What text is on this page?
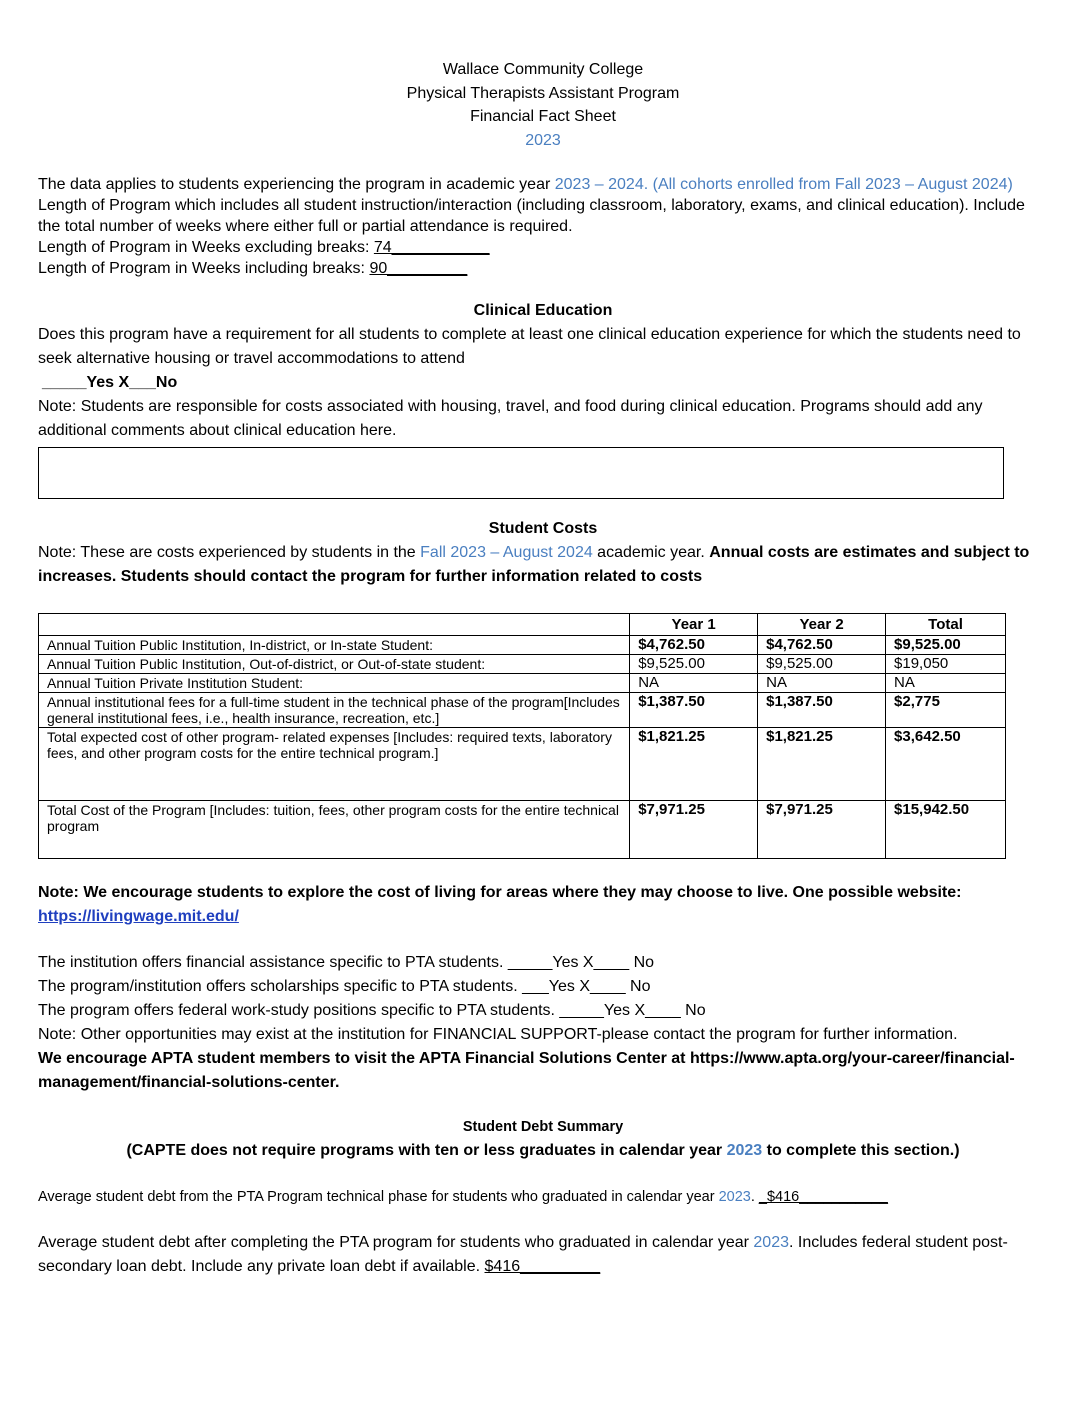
Wallace Community College
Physical Therapists Assistant Program
Financial Fact Sheet
2023

The data applies to students experiencing the program in academic year 2023 – 2024. (All cohorts enrolled from Fall 2023 – August 2024)

Length of Program which includes all student instruction/interaction (including classroom, laboratory, exams, and clinical education). Include the total number of weeks where either full or partial attendance is required.

Length of Program in Weeks excluding breaks: 74___________

Length of Program in Weeks including breaks: 90_________

Clinical Education

Does this program have a requirement for all students to complete at least one clinical education experience for which the students need to seek alternative housing or travel accommodations to attend

_____Yes X___No

Note: Students are responsible for costs associated with housing, travel, and food during clinical education. Programs should add any additional comments about clinical education here.

Student Costs

Note: These are costs experienced by students in the Fall 2023 – August 2024 academic year. Annual costs are estimates and subject to increases. Students should contact the program for further information related to costs

	Year 1	Year 2	Total
Annual Tuition Public Institution, In-district, or In-state Student:	$4,762.50	$4,762.50	$9,525.00
Annual Tuition Public Institution, Out-of-district, or Out-of-state student:	$9,525.00	$9,525.00	$19,050
Annual Tuition Private Institution Student:	NA	NA	NA
Annual institutional fees for a full-time student in the technical phase of the program[Includes general institutional fees, i.e., health insurance, recreation, etc.]	$1,387.50	$1,387.50	$2,775
Total expected cost of other program- related expenses [Includes: required texts, laboratory fees, and other program costs for the entire technical program.]	$1,821.25	$1,821.25	$3,642.50
Total Cost of the Program [Includes: tuition, fees, other program costs for the entire technical program	$7,971.25	$7,971.25	$15,942.50

Note: We encourage students to explore the cost of living for areas where they may choose to live. One possible website:
https://livingwage.mit.edu/

The institution offers financial assistance specific to PTA students. _____Yes X____ No

The program/institution offers scholarships specific to PTA students. ___Yes X____ No

The program offers federal work-study positions specific to PTA students. _____Yes X____ No

Note: Other opportunities may exist at the institution for FINANCIAL SUPPORT-please contact the program for further information.

We encourage APTA student members to visit the APTA Financial Solutions Center at https://www.apta.org/your-career/financial-management/financial-solutions-center.

Student Debt Summary

(CAPTE does not require programs with ten or less graduates in calendar year 2023 to complete this section.)

Average student debt from the PTA Program technical phase for students who graduated in calendar year 2023. _$416___________

Average student debt after completing the PTA program for students who graduated in calendar year 2023. Includes federal student post-secondary loan debt. Include any private loan debt if available. $416_________
